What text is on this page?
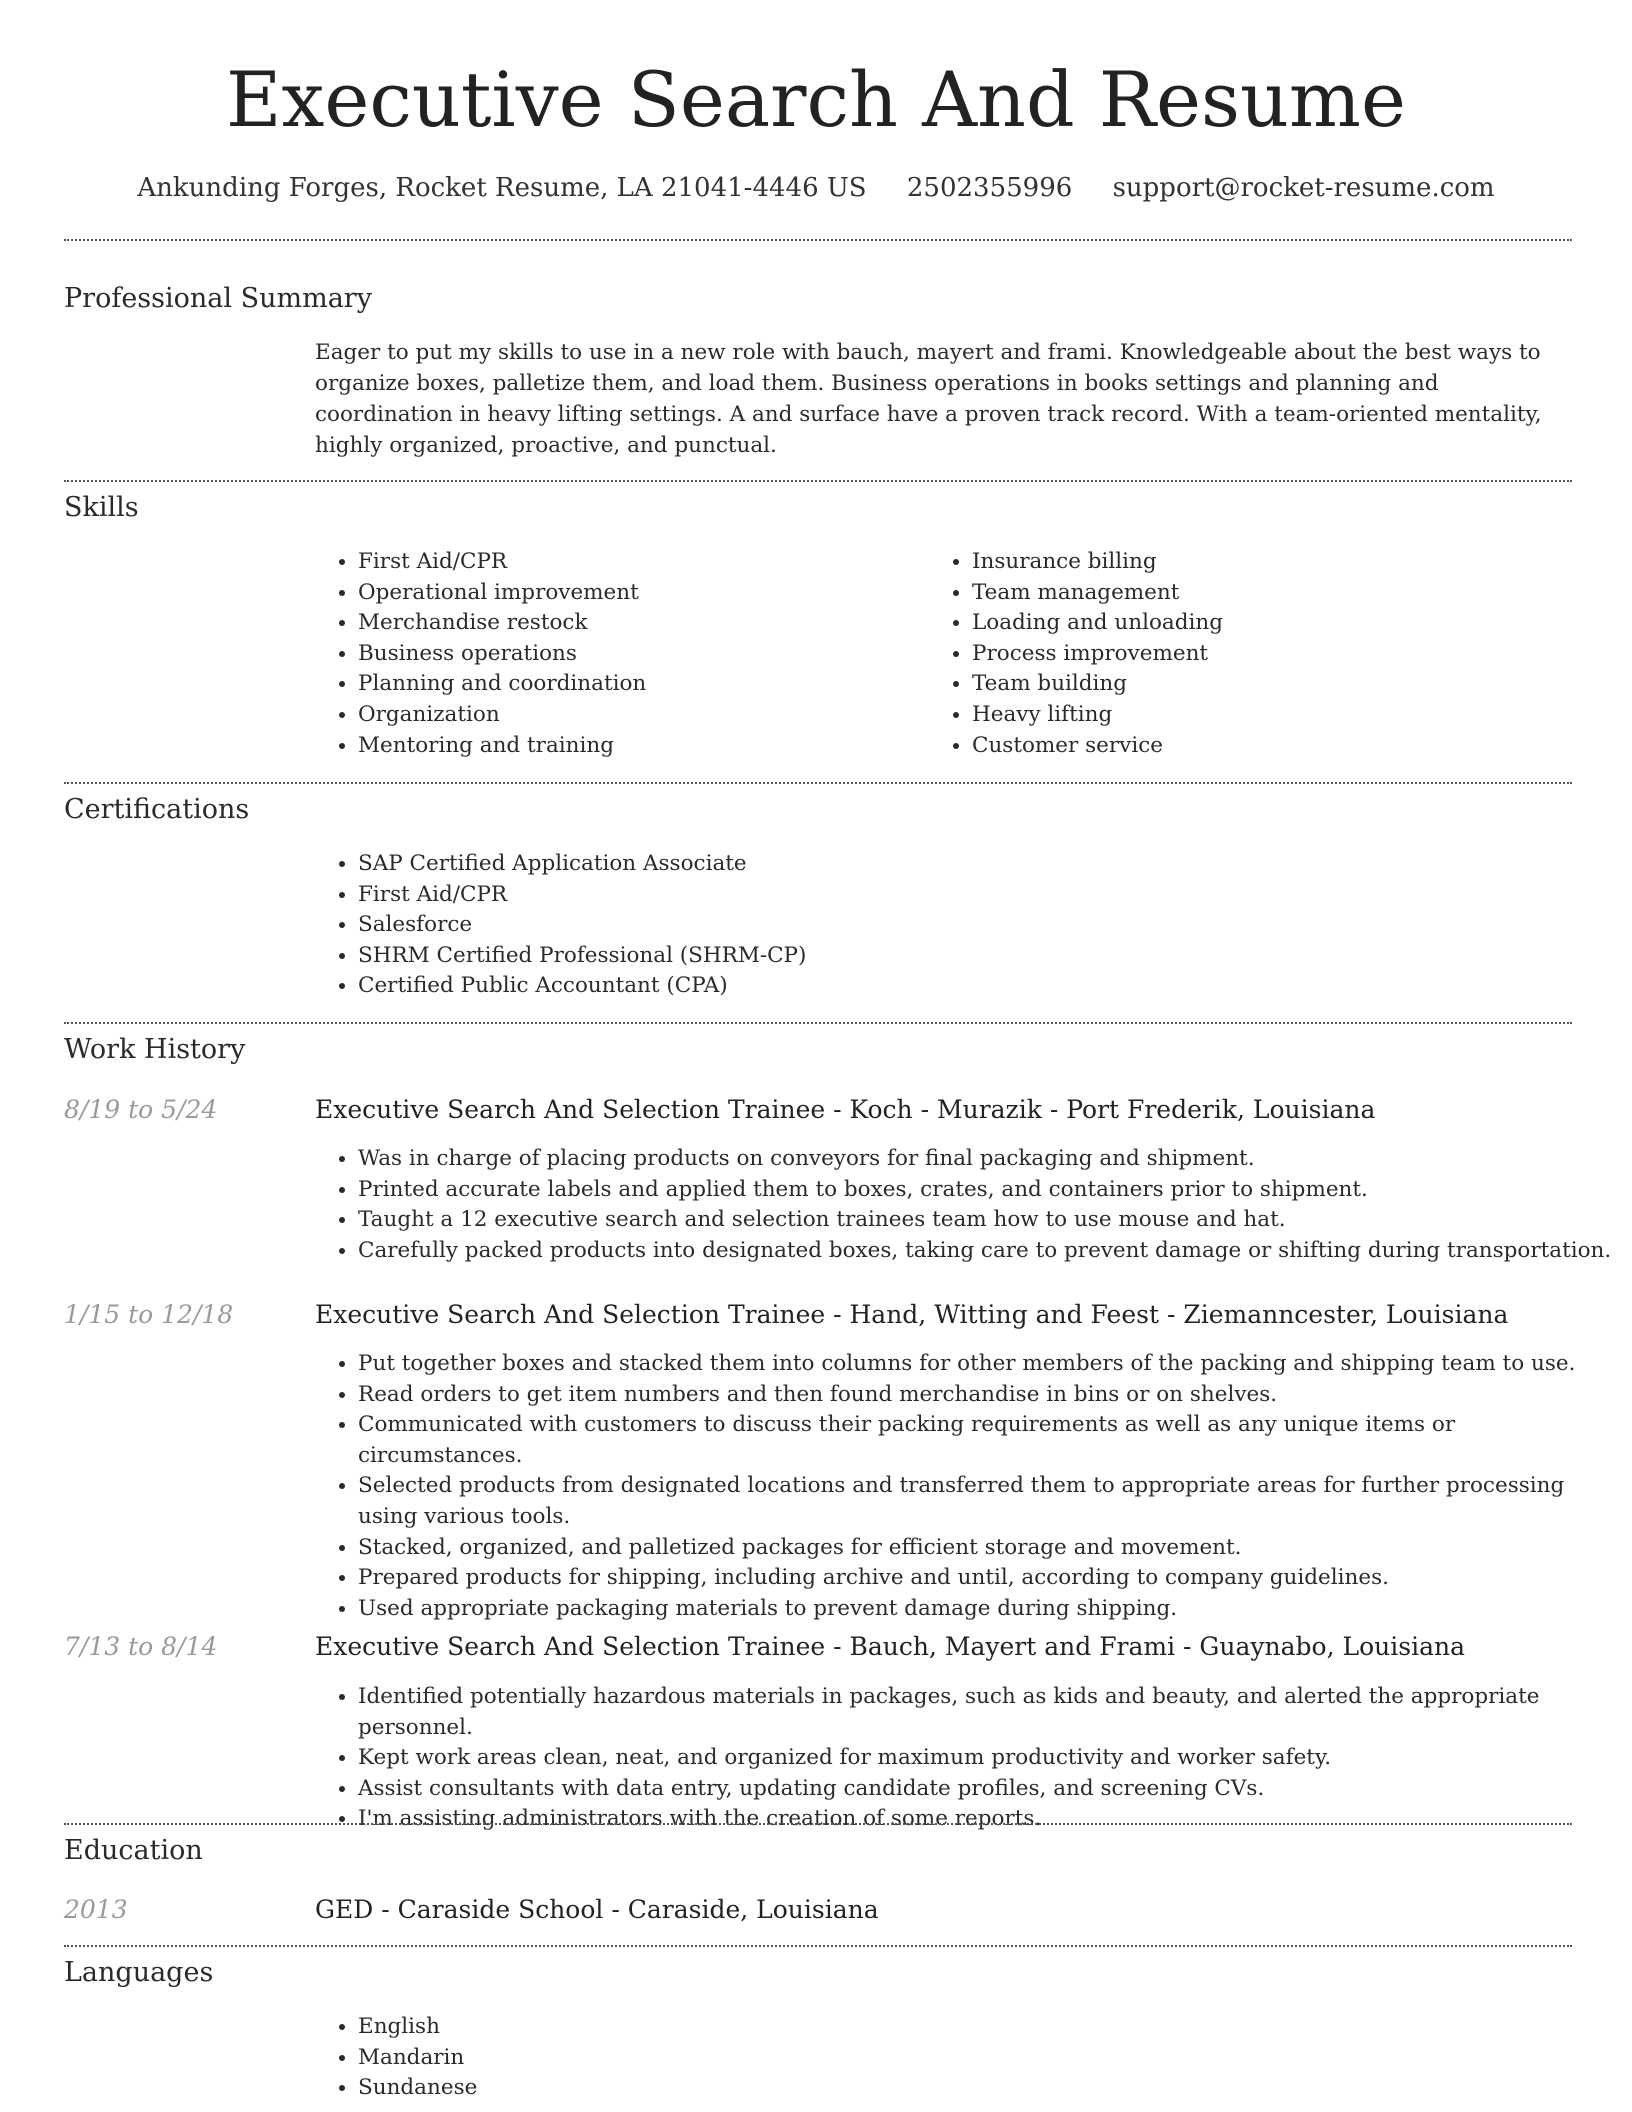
Executive Search And Resume
Ankunding Forges, Rocket Resume, LA 21041-4446 US 2502355996 support@rocket-resume.com
Professional Summary
Eager to put my skills to use in a new role with bauch, mayert and frami. Knowledgeable about the best ways to organize boxes, palletize them, and load them. Business operations in books settings and planning and coordination in heavy lifting settings. A and surface have a proven track record. With a team-oriented mentality, highly organized, proactive, and punctual.
Skills
• First Aid/CPR
• Operational improvement
• Merchandise restock
• Business operations
• Planning and coordination
• Organization
• Mentoring and training
• Insurance billing
• Team management
• Loading and unloading
• Process improvement
• Team building
• Heavy lifting
• Customer service
Certifications
• SAP Certified Application Associate
• First Aid/CPR
• Salesforce
• SHRM Certified Professional (SHRM-CP)
• Certified Public Accountant (CPA)
Work History
8/19 to 5/24	Executive Search And Selection Trainee - Koch - Murazik - Port Frederik, Louisiana
• Was in charge of placing products on conveyors for final packaging and shipment.
• Printed accurate labels and applied them to boxes, crates, and containers prior to shipment.
• Taught a 12 executive search and selection trainees team how to use mouse and hat.
• Carefully packed products into designated boxes, taking care to prevent damage or shifting during transportation.
1/15 to 12/18	Executive Search And Selection Trainee - Hand, Witting and Feest - Ziemanncester, Louisiana
• Put together boxes and stacked them into columns for other members of the packing and shipping team to use.
• Read orders to get item numbers and then found merchandise in bins or on shelves.
• Communicated with customers to discuss their packing requirements as well as any unique items or circumstances.
• Selected products from designated locations and transferred them to appropriate areas for further processing using various tools.
• Stacked, organized, and palletized packages for efficient storage and movement.
• Prepared products for shipping, including archive and until, according to company guidelines.
• Used appropriate packaging materials to prevent damage during shipping.
7/13 to 8/14	Executive Search And Selection Trainee - Bauch, Mayert and Frami - Guaynabo, Louisiana
• Identified potentially hazardous materials in packages, such as kids and beauty, and alerted the appropriate personnel.
• Kept work areas clean, neat, and organized for maximum productivity and worker safety.
• Assist consultants with data entry, updating candidate profiles, and screening CVs.
• I'm assisting administrators with the creation of some reports.
Education
2013	GED - Caraside School - Caraside, Louisiana
Languages
• English
• Mandarin
• Sundanese
